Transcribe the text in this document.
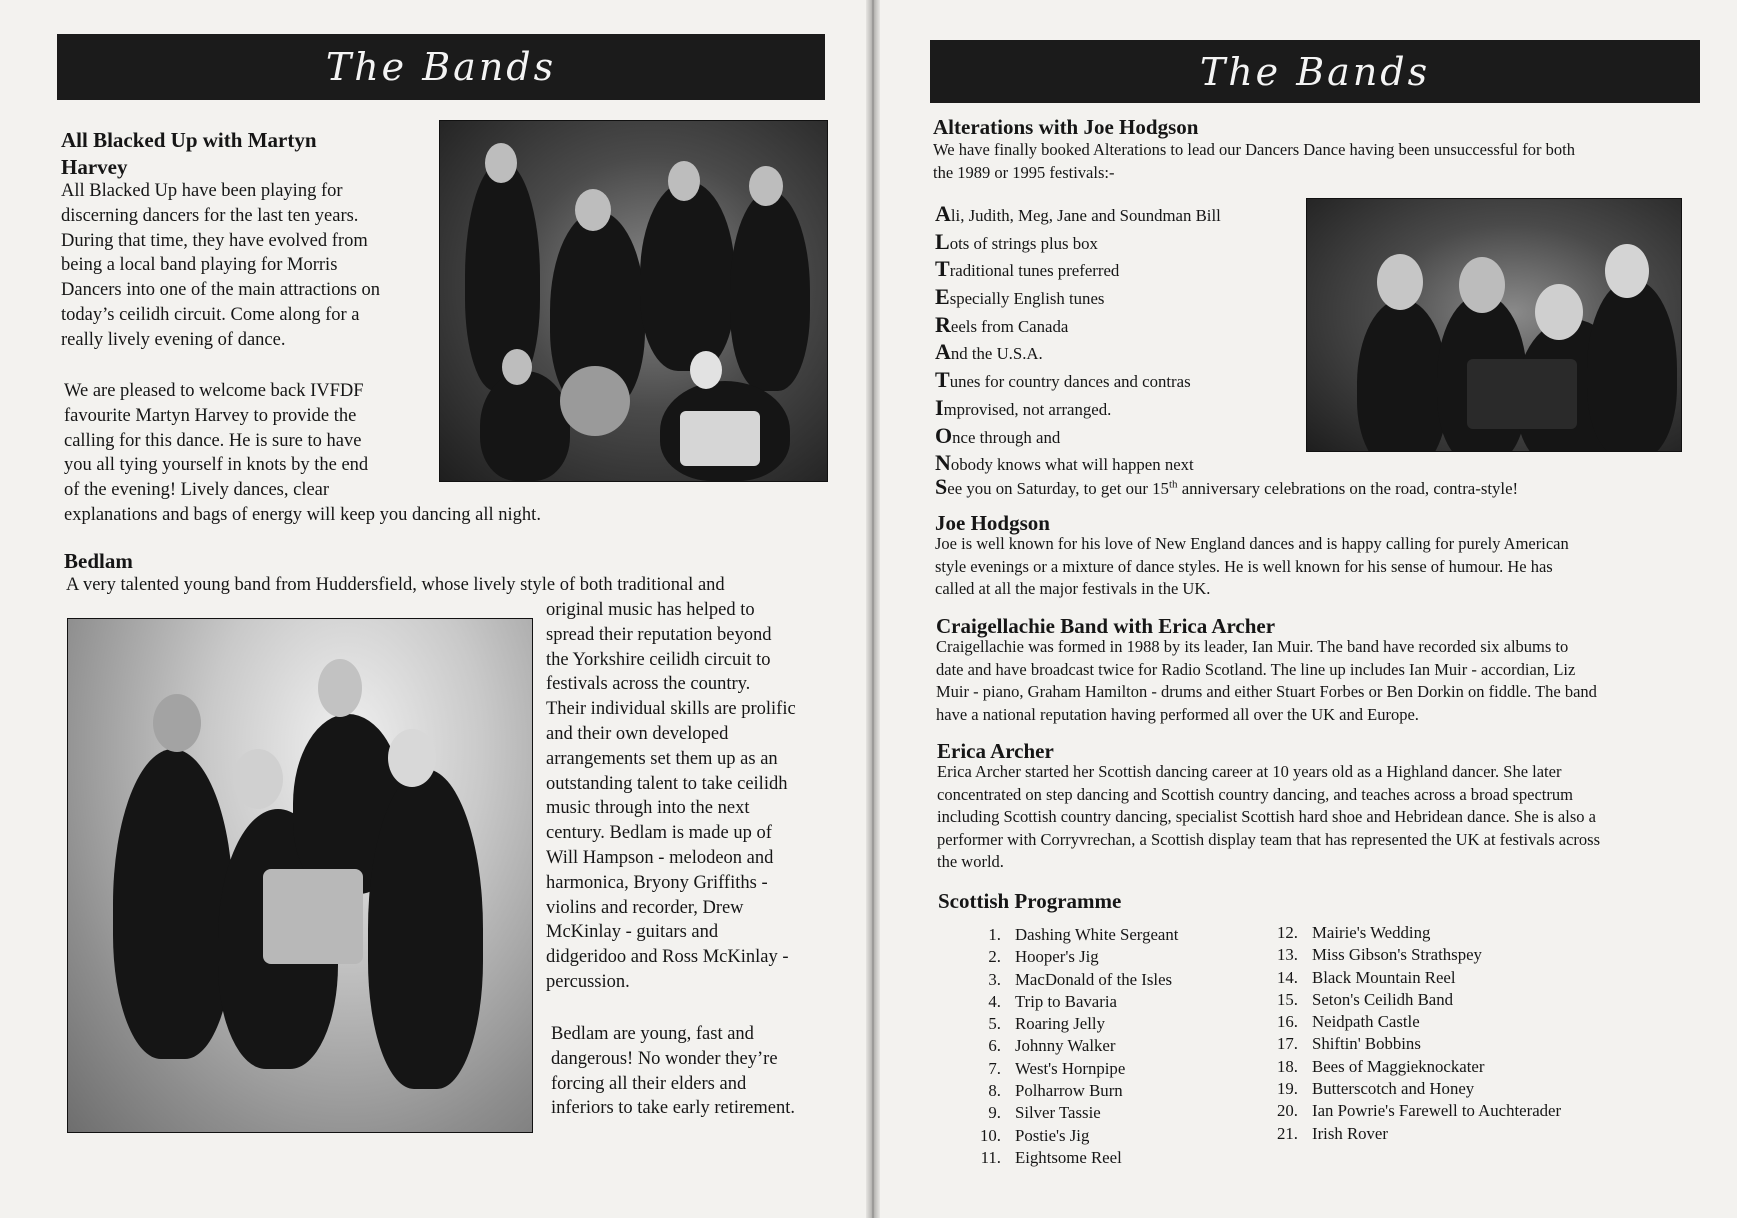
The Bands
All Blacked Up with Martyn
Harvey
All Blacked Up have been playing for
discerning dancers for the last ten years.
During that time, they have evolved from
being a local band playing for Morris
Dancers into one of the main attractions on
today’s ceilidh circuit. Come along for a
really lively evening of dance.
We are pleased to welcome back IVFDF
favourite Martyn Harvey to provide the
calling for this dance. He is sure to have
you all tying yourself in knots by the end
of the evening! Lively dances, clear
explanations and bags of energy will keep you dancing all night.
Bedlam
A very talented young band from Huddersfield, whose lively style of both traditional and
original music has helped to
spread their reputation beyond
the Yorkshire ceilidh circuit to
festivals across the country.
Their individual skills are prolific
and their own developed
arrangements set them up as an
outstanding talent to take ceilidh
music through into the next
century. Bedlam is made up of
Will Hampson - melodeon and
harmonica, Bryony Griffiths -
violins and recorder, Drew
McKinlay - guitars and
didgeridoo and Ross McKinlay -
percussion.
Bedlam are young, fast and
dangerous! No wonder they’re
forcing all their elders and
inferiors to take early retirement.
The Bands
Alterations with Joe Hodgson
We have finally booked Alterations to lead our Dancers Dance having been unsuccessful for both
the 1989 or 1995 festivals:-
Ali, Judith, Meg, Jane and Soundman Bill
Lots of strings plus box
Traditional tunes preferred
Especially English tunes
Reels from Canada
And the U.S.A.
Tunes for country dances and contras
Improvised, not arranged.
Once through and
Nobody knows what will happen next
See you on Saturday, to get our 15th anniversary celebrations on the road, contra-style!
Joe Hodgson
Joe is well known for his love of New England dances and is happy calling for purely American
style evenings or a mixture of dance styles. He is well known for his sense of humour. He has
called at all the major festivals in the UK.
Craigellachie Band with Erica Archer
Craigellachie was formed in 1988 by its leader, Ian Muir. The band have recorded six albums to
date and have broadcast twice for Radio Scotland. The line up includes Ian Muir - accordian, Liz
Muir - piano, Graham Hamilton - drums and either Stuart Forbes or Ben Dorkin on fiddle. The band
have a national reputation having performed all over the UK and Europe.
Erica Archer
Erica Archer started her Scottish dancing career at 10 years old as a Highland dancer. She later
concentrated on step dancing and Scottish country dancing, and teaches across a broad spectrum
including Scottish country dancing, specialist Scottish hard shoe and Hebridean dance. She is also a
performer with Corryvrechan, a Scottish display team that has represented the UK at festivals across
the world.
Scottish Programme
1. Dashing White Sergeant
2. Hooper's Jig
3. MacDonald of the Isles
4. Trip to Bavaria
5. Roaring Jelly
6. Johnny Walker
7. West's Hornpipe
8. Polharrow Burn
9. Silver Tassie
10. Postie's Jig
11. Eightsome Reel
12. Mairie's Wedding
13. Miss Gibson's Strathspey
14. Black Mountain Reel
15. Seton's Ceilidh Band
16. Neidpath Castle
17. Shiftin' Bobbins
18. Bees of Maggieknockater
19. Butterscotch and Honey
20. Ian Powrie's Farewell to Auchterader
21. Irish Rover
